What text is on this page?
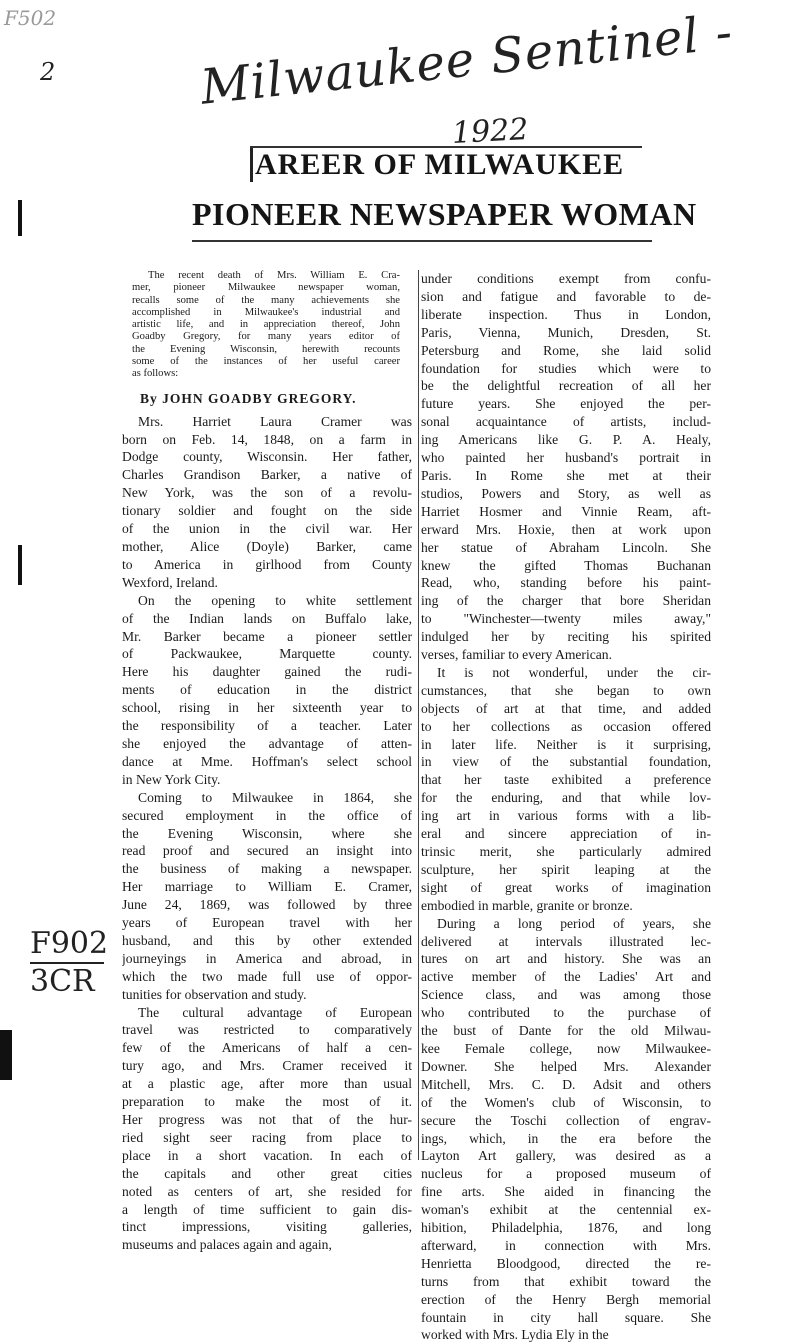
F502
2	Milwaukee Sentinel -
1922
F902
3CR
AREER OF MILWAUKEE
PIONEER NEWSPAPER WOMAN
The recent death of Mrs. William E. Cra-
mer, pioneer Milwaukee newspaper woman,
recalls some of the many achievements she
accomplished in Milwaukee's industrial and
artistic life, and in appreciation thereof, John
Goadby Gregory, for many years editor of
the Evening Wisconsin, herewith recounts
some of the instances of her useful career
as follows:
By JOHN GOADBY GREGORY.
Mrs. Harriet Laura Cramer was
born on Feb. 14, 1848, on a farm in
Dodge county, Wisconsin. Her father,
Charles Grandison Barker, a native of
New York, was the son of a revolu-
tionary soldier and fought on the side
of the union in the civil war. Her
mother, Alice (Doyle) Barker, came
to America in girlhood from County
Wexford, Ireland.
On the opening to white settlement
of the Indian lands on Buffalo lake,
Mr. Barker became a pioneer settler
of Packwaukee, Marquette county.
Here his daughter gained the rudi-
ments of education in the district
school, rising in her sixteenth year to
the responsibility of a teacher. Later
she enjoyed the advantage of atten-
dance at Mme. Hoffman's select school
in New York City.
Coming to Milwaukee in 1864, she
secured employment in the office of
the Evening Wisconsin, where she
read proof and secured an insight into
the business of making a newspaper.
Her marriage to William E. Cramer,
June 24, 1869, was followed by three
years of European travel with her
husband, and this by other extended
journeyings in America and abroad, in
which the two made full use of oppor-
tunities for observation and study.
The cultural advantage of European
travel was restricted to comparatively
few of the Americans of half a cen-
tury ago, and Mrs. Cramer received it
at a plastic age, after more than usual
preparation to make the most of it.
Her progress was not that of the hur-
ried sight seer racing from place to
place in a short vacation. In each of
the capitals and other great cities
noted as centers of art, she resided for
a length of time sufficient to gain dis-
tinct impressions, visiting galleries,
museums and palaces again and again,
under conditions exempt from confu-
sion and fatigue and favorable to de-
liberate inspection. Thus in London,
Paris, Vienna, Munich, Dresden, St.
Petersburg and Rome, she laid solid
foundation for studies which were to
be the delightful recreation of all her
future years. She enjoyed the per-
sonal acquaintance of artists, includ-
ing Americans like G. P. A. Healy,
who painted her husband's portrait in
Paris. In Rome she met at their
studios, Powers and Story, as well as
Harriet Hosmer and Vinnie Ream, aft-
erward Mrs. Hoxie, then at work upon
her statue of Abraham Lincoln. She
knew the gifted Thomas Buchanan
Read, who, standing before his paint-
ing of the charger that bore Sheridan
to "Winchester—twenty miles away,"
indulged her by reciting his spirited
verses, familiar to every American.
It is not wonderful, under the cir-
cumstances, that she began to own
objects of art at that time, and added
to her collections as occasion offered
in later life. Neither is it surprising,
in view of the substantial foundation,
that her taste exhibited a preference
for the enduring, and that while lov-
ing art in various forms with a lib-
eral and sincere appreciation of in-
trinsic merit, she particularly admired
sculpture, her spirit leaping at the
sight of great works of imagination
embodied in marble, granite or bronze.
During a long period of years, she
delivered at intervals illustrated lec-
tures on art and history. She was an
active member of the Ladies' Art and
Science class, and was among those
who contributed to the purchase of
the bust of Dante for the old Milwau-
kee Female college, now Milwaukee-
Downer. She helped Mrs. Alexander
Mitchell, Mrs. C. D. Adsit and others
of the Women's club of Wisconsin, to
secure the Toschi collection of engrav-
ings, which, in the era before the
Layton Art gallery, was desired as a
nucleus for a proposed museum of
fine arts. She aided in financing the
woman's exhibit at the centennial ex-
hibition, Philadelphia, 1876, and long
afterward, in connection with Mrs.
Henrietta Bloodgood, directed the re-
turns from that exhibit toward the
erection of the Henry Bergh memorial
fountain in city hall square. She
worked with Mrs. Lydia Ely in the
